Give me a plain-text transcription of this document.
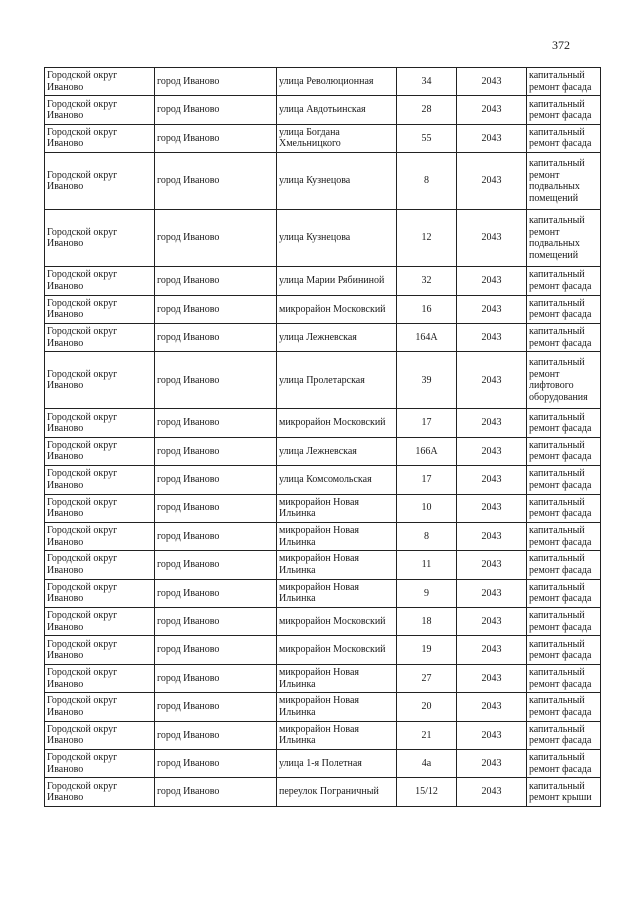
372
Городской округ Иваново	город Иваново	улица Революционная	34	2043	капитальный ремонт фасада
Городской округ Иваново	город Иваново	улица Авдотьинская	28	2043	капитальный ремонт фасада
Городской округ Иваново	город Иваново	улица Богдана Хмельницкого	55	2043	капитальный ремонт фасада
Городской округ Иваново	город Иваново	улица Кузнецова	8	2043	капитальный ремонт подвальных помещений
Городской округ Иваново	город Иваново	улица Кузнецова	12	2043	капитальный ремонт подвальных помещений
Городской округ Иваново	город Иваново	улица Марии Рябининой	32	2043	капитальный ремонт фасада
Городской округ Иваново	город Иваново	микрорайон Московский	16	2043	капитальный ремонт фасада
Городской округ Иваново	город Иваново	улица Лежневская	164А	2043	капитальный ремонт фасада
Городской округ Иваново	город Иваново	улица Пролетарская	39	2043	капитальный ремонт лифтового оборудования
Городской округ Иваново	город Иваново	микрорайон Московский	17	2043	капитальный ремонт фасада
Городской округ Иваново	город Иваново	улица Лежневская	166А	2043	капитальный ремонт фасада
Городской округ Иваново	город Иваново	улица Комсомольская	17	2043	капитальный ремонт фасада
Городской округ Иваново	город Иваново	микрорайон Новая Ильинка	10	2043	капитальный ремонт фасада
Городской округ Иваново	город Иваново	микрорайон Новая Ильинка	8	2043	капитальный ремонт фасада
Городской округ Иваново	город Иваново	микрорайон Новая Ильинка	11	2043	капитальный ремонт фасада
Городской округ Иваново	город Иваново	микрорайон Новая Ильинка	9	2043	капитальный ремонт фасада
Городской округ Иваново	город Иваново	микрорайон Московский	18	2043	капитальный ремонт фасада
Городской округ Иваново	город Иваново	микрорайон Московский	19	2043	капитальный ремонт фасада
Городской округ Иваново	город Иваново	микрорайон Новая Ильинка	27	2043	капитальный ремонт фасада
Городской округ Иваново	город Иваново	микрорайон Новая Ильинка	20	2043	капитальный ремонт фасада
Городской округ Иваново	город Иваново	микрорайон Новая Ильинка	21	2043	капитальный ремонт фасада
Городской округ Иваново	город Иваново	улица 1-я Полетная	4а	2043	капитальный ремонт фасада
Городской округ Иваново	город Иваново	переулок Пограничный	15/12	2043	капитальный ремонт крыши
